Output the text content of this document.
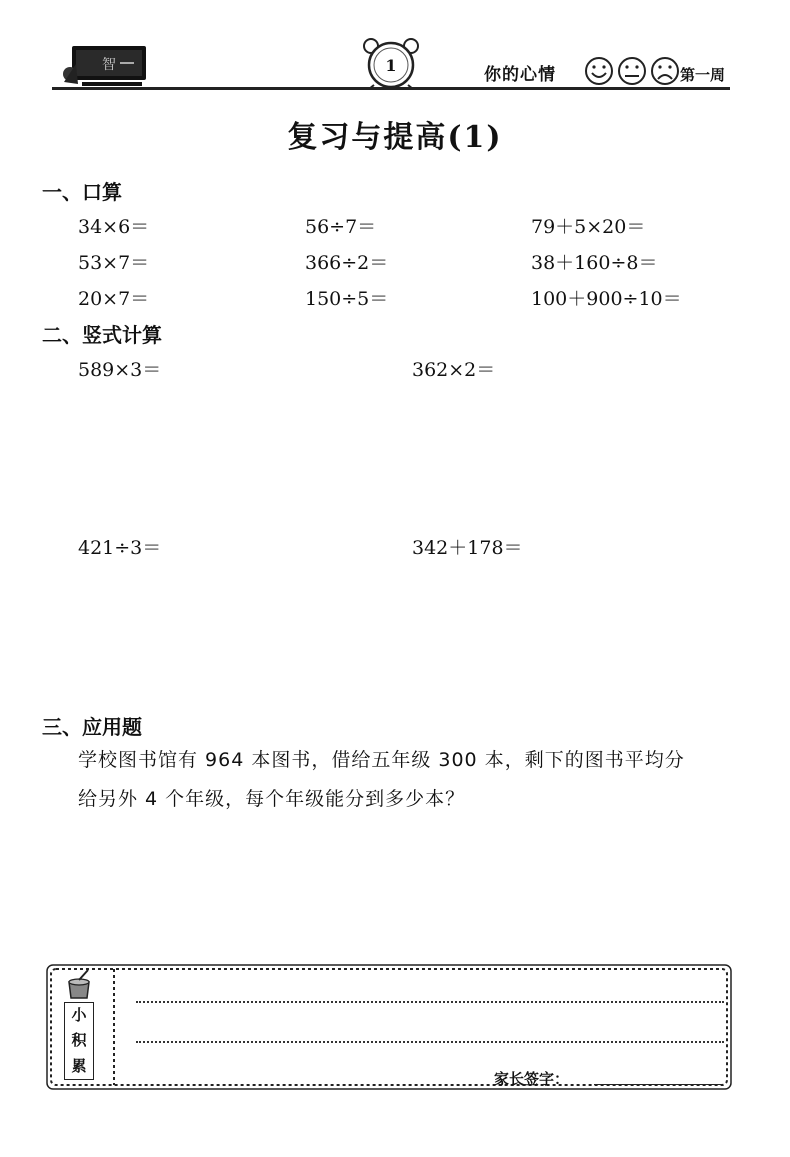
智	1	你的心情	第一周
复习与提高(1)
一、口算
34×6＝	56÷7＝	79＋5×20＝
53×7＝	366÷2＝	38＋160÷8＝
20×7＝	150÷5＝	100＋900÷10＝
二、竖式计算
589×3＝	362×2＝
421÷3＝	342＋178＝
三、应用题
学校图书馆有 964 本图书，借给五年级 300 本，剩下的图书平均分
给另外 4 个年级，每个年级能分到多少本？
小
积
累
家长签字：
